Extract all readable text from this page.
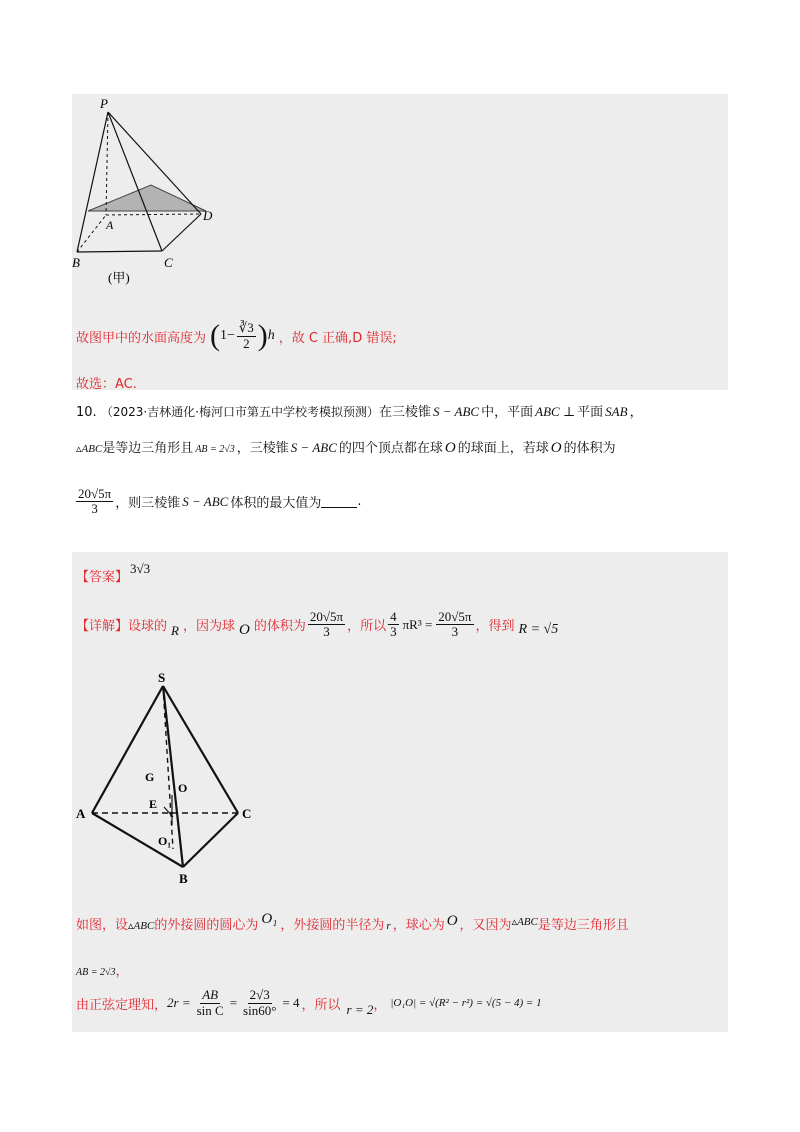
P
A
B	C
D
(甲)
故图甲中的水面高度为 $(1- \frac{∛3}{2} )h$ ，故 C 正确,D 错误;
故选：AC.
10. （2023·吉林通化·梅河口市第五中学校考模拟预测）在三棱锥 S − ABC 中，平面 ABC ⊥ 平面 SAB ，
▵ABC是等边三角形且 AB = 2√3 ，三棱锥 S − ABC 的四个顶点都在球 O 的球面上，若球 O 的体积为
$\frac{20√5\pi}{3}$ ，则三棱锥 S − ABC 体积的最大值为	.
【答案】3√3
【详解】 设球的 R ，因为球 O 的体积为 $\frac{20√5\pi}{3}$ ，所以 $\frac{4}{3} \pi R^3 = \frac{20√5\pi}{3}$ ，得到 R = √5
S
G
O
E
A	C
O₁
B
如图，设▵ABC的外接圆的圆心为 O₁ ，外接圆的半径为 r ，球心为 O ，又因为$^{▵ABC}$是等边三角形且
AB = 2√3，
由正弦定理知， $2r = \frac{AB}{\text{sin C}} = \frac{2√3}{\sin 60^\circ} = 4$ ，所以 r = 2 ， |O₁O| = √(R² − r²) = √(5 − 4) = 1
